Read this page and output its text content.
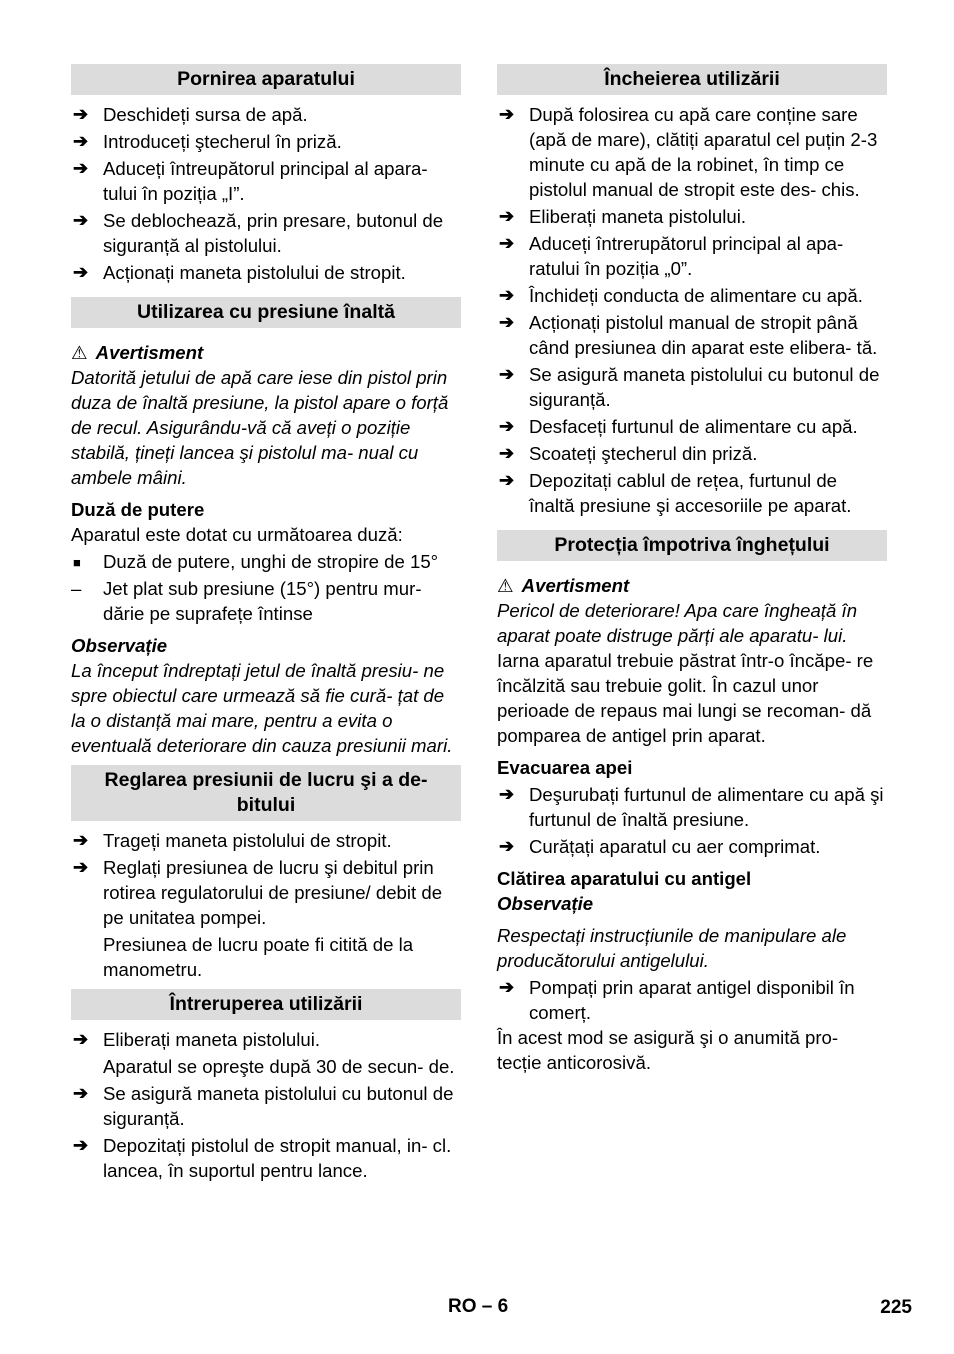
Pornirea aparatului
➔ Deschideți sursa de apă.
➔ Introduceți ştecherul în priză.
➔ Aduceți întreupătorul principal al apara- tului în poziția „I”.
➔ Se deblochează, prin presare, butonul de siguranță al pistolului.
➔ Acționați maneta pistolului de stropit.
Utilizarea cu presiune înaltă
⚠ Avertisment
Datorită jetului de apă care iese din pistol prin duza de înaltă presiune, la pistol apare o forță de recul. Asigurându-vă că aveți o poziție stabilă, țineți lancea şi pistolul ma- nual cu ambele mâini.
Duză de putere
Aparatul este dotat cu următoarea duză:
■ Duză de putere, unghi de stropire de 15°
– Jet plat sub presiune (15°) pentru mur- dărie pe suprafețe întinse
Observație
La început îndreptați jetul de înaltă presiu- ne spre obiectul care urmează să fie cură- țat de la o distanță mai mare, pentru a evita o eventuală deteriorare din cauza presiunii mari.
Reglarea presiunii de lucru şi a de- bitului
➔ Trageți maneta pistolului de stropit.
➔ Reglați presiunea de lucru şi debitul prin rotirea regulatorului de presiune/ debit de pe unitatea pompei.
Presiunea de lucru poate fi citită de la manometru.
Întreruperea utilizării
➔ Eliberați maneta pistolului.
Aparatul se opreşte după 30 de secun- de.
➔ Se asigură maneta pistolului cu butonul de siguranță.
➔ Depozitați pistolul de stropit manual, in- cl. lancea, în suportul pentru lance.
Încheierea utilizării
➔ După folosirea cu apă care conține sare (apă de mare), clătiți aparatul cel puțin 2-3 minute cu apă de la robinet, în timp ce pistolul manual de stropit este des- chis.
➔ Eliberați maneta pistolului.
➔ Aduceți întrerupătorul principal al apa- ratului în poziția „0”.
➔ Închideți conducta de alimentare cu apă.
➔ Acționați pistolul manual de stropit până când presiunea din aparat este elibera- tă.
➔ Se asigură maneta pistolului cu butonul de siguranță.
➔ Desfaceți furtunul de alimentare cu apă.
➔ Scoateți ştecherul din priză.
➔ Depozitați cablul de rețea, furtunul de înaltă presiune şi accesoriile pe aparat.
Protecția împotriva înghețului
⚠ Avertisment
Pericol de deteriorare! Apa care îngheață în aparat poate distruge părți ale aparatu- lui.
Iarna aparatul trebuie păstrat într-o încăpe- re încălzită sau trebuie golit. În cazul unor perioade de repaus mai lungi se recoman- dă pomparea de antigel prin aparat.
Evacuarea apei
➔ Deşurubați furtunul de alimentare cu apă şi furtunul de înaltă presiune.
➔ Curățați aparatul cu aer comprimat.
Clătirea aparatului cu antigel
Observație
Respectați instrucțiunile de manipulare ale producătorului antigelului.
➔ Pompați prin aparat antigel disponibil în comerț.
În acest mod se asigură şi o anumită pro- tecție anticorosivă.
RO – 6	225
